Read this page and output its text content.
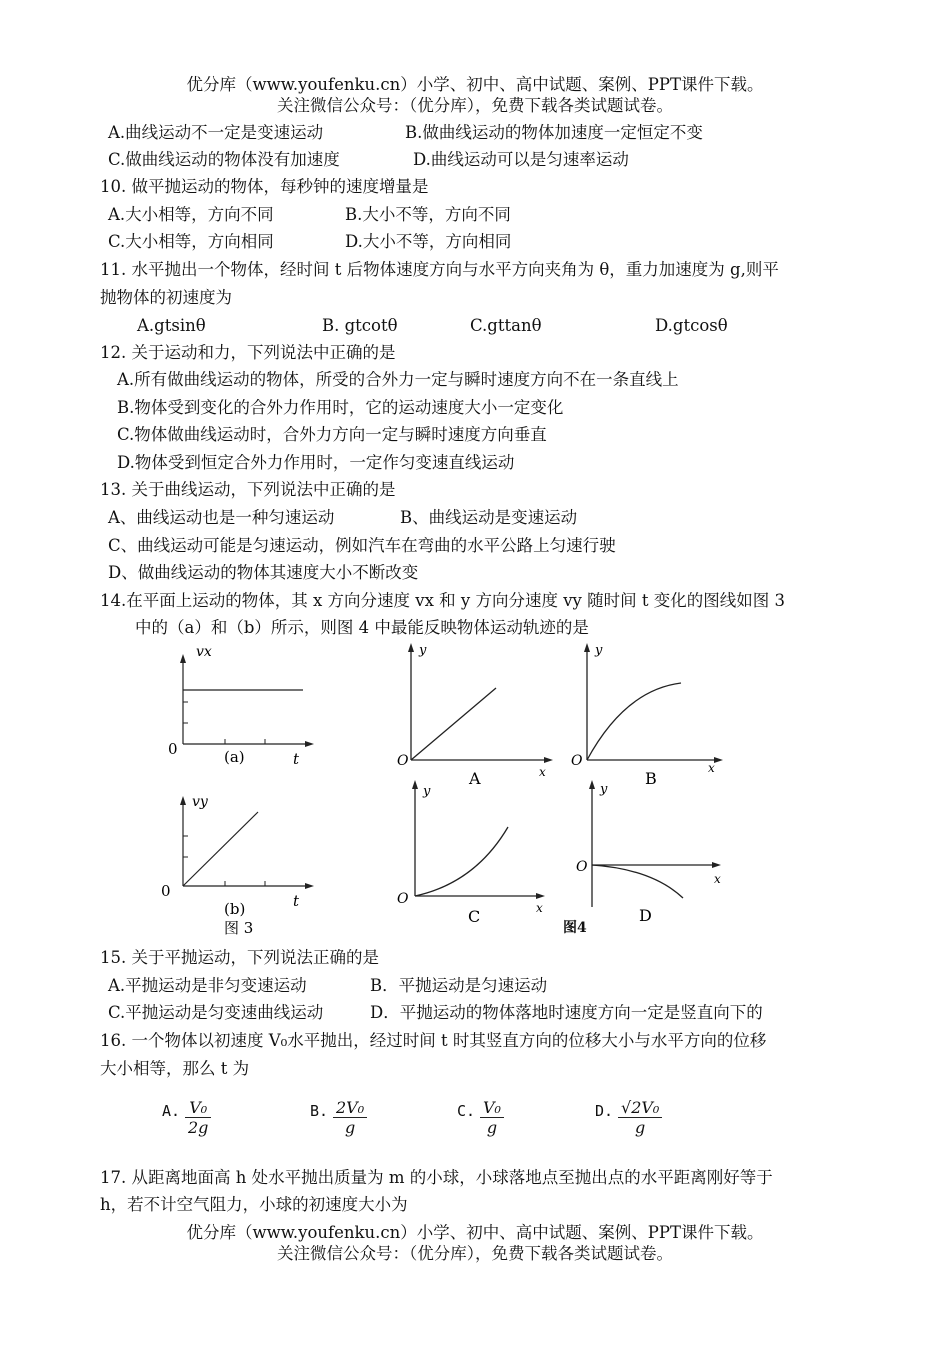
优分库（www.youfenku.cn）小学、初中、高中试题、案例、PPT课件下载。
关注微信公众号：（优分库），免费下载各类试题试卷。
A.曲线运动不一定是变速运动	B.做曲线运动的物体加速度一定恒定不变
C.做曲线运动的物体没有加速度	D.曲线运动可以是匀速率运动
10. 做平抛运动的物体，每秒钟的速度增量是
A.大小相等，方向不同	B.大小不等，方向不同
C.大小相等，方向相同	D.大小不等，方向相同
11. 水平抛出一个物体，经时间 t 后物体速度方向与水平方向夹角为 θ，重力加速度为 g,则平
抛物体的初速度为
A.gtsinθ	B. gtcotθ	C.gttanθ	D.gtcosθ
12. 关于运动和力，下列说法中正确的是
A.所有做曲线运动的物体，所受的合外力一定与瞬时速度方向不在一条直线上
B.物体受到变化的合外力作用时，它的运动速度大小一定变化
C.物体做曲线运动时，合外力方向一定与瞬时速度方向垂直
D.物体受到恒定合外力作用时，一定作匀变速直线运动
13. 关于曲线运动，下列说法中正确的是
A、曲线运动也是一种匀速运动	B、曲线运动是变速运动
C、曲线运动可能是匀速运动，例如汽车在弯曲的水平公路上匀速行驶
D、做曲线运动的物体其速度大小不断改变
14.在平面上运动的物体，其 x 方向分速度 vx 和 y 方向分速度 vy 随时间 t 变化的图线如图 3
中的（a）和（b）所示，则图 4 中最能反映物体运动轨迹的是
vx
0
t
(a)
vy
0
t
(b)
图 3
y
O
x
A
y
O	x
B
y
O
x
C
y
O
x
D
图4
15. 关于平抛运动，下列说法正确的是
A.平抛运动是非匀变速运动	B．平抛运动是匀速运动
C.平抛运动是匀变速曲线运动	D．平抛运动的物体落地时速度方向一定是竖直向下的
16. 一个物体以初速度 V₀水平抛出，经过时间 t 时其竖直方向的位移大小与水平方向的位移
大小相等，那么 t 为
A. $\frac{\text{V₀}}{2g}$	B. $\frac{\text{2V₀}}{g}$	C. $\frac{\text{V₀}}{g}$	D. $\frac{\text{√2V₀}}{g}$
17. 从距离地面高 h 处水平抛出质量为 m 的小球，小球落地点至抛出点的水平距离刚好等于
h，若不计空气阻力，小球的初速度大小为
优分库（www.youfenku.cn）小学、初中、高中试题、案例、PPT课件下载。
关注微信公众号：（优分库），免费下载各类试题试卷。
